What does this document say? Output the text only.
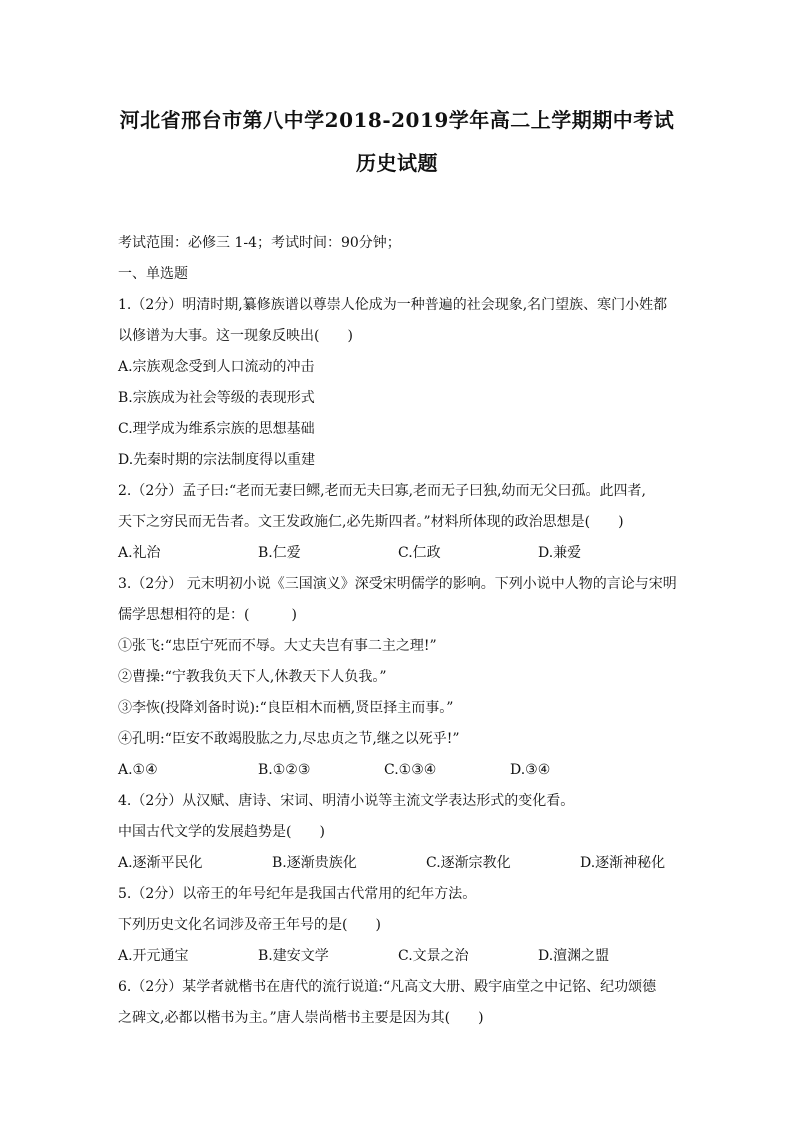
河北省邢台市第八中学2018-2019学年高二上学期期中考试
历史试题
考试范围：必修三 1-4；考试时间：90分钟；
一、单选题
1.（2分）明清时期,纂修族谱以尊崇人伦成为一种普遍的社会现象,名门望族、寒门小姓都
以修谱为大事。这一现象反映出(　　)
A.宗族观念受到人口流动的冲击
B.宗族成为社会等级的表现形式
C.理学成为维系宗族的思想基础
D.先秦时期的宗法制度得以重建
2.（2分）孟子曰:“老而无妻曰鳏,老而无夫曰寡,老而无子曰独,幼而无父曰孤。此四者,
天下之穷民而无告者。文王发政施仁,必先斯四者。”材料所体现的政治思想是(　　)
A.礼治	B.仁爱	C.仁政	D.兼爱
3.（2分） 元末明初小说《三国演义》深受宋明儒学的影响。下列小说中人物的言论与宋明
儒学思想相符的是：(　　　)
①张飞:“忠臣宁死而不辱。大丈夫岂有事二主之理!”
②曹操:“宁教我负天下人,休教天下人负我。”
③李恢(投降刘备时说):“良臣相木而栖,贤臣择主而事。”
④孔明:“臣安不敢竭股肱之力,尽忠贞之节,继之以死乎!”
A.①④	B.①②③	C.①③④	D.③④
4.（2分）从汉赋、唐诗、宋词、明清小说等主流文学表达形式的变化看。
中国古代文学的发展趋势是(　　)
A.逐渐平民化	B.逐渐贵族化	C.逐渐宗教化	D.逐渐神秘化
5.（2分）以帝王的年号纪年是我国古代常用的纪年方法。
下列历史文化名词涉及帝王年号的是(　　)
A.开元通宝	B.建安文学	C.文景之治	D.澶渊之盟
6.（2分）某学者就楷书在唐代的流行说道:“凡高文大册、殿宇庙堂之中记铭、纪功颂德
之碑文,必都以楷书为主。”唐人崇尚楷书主要是因为其(　　)
